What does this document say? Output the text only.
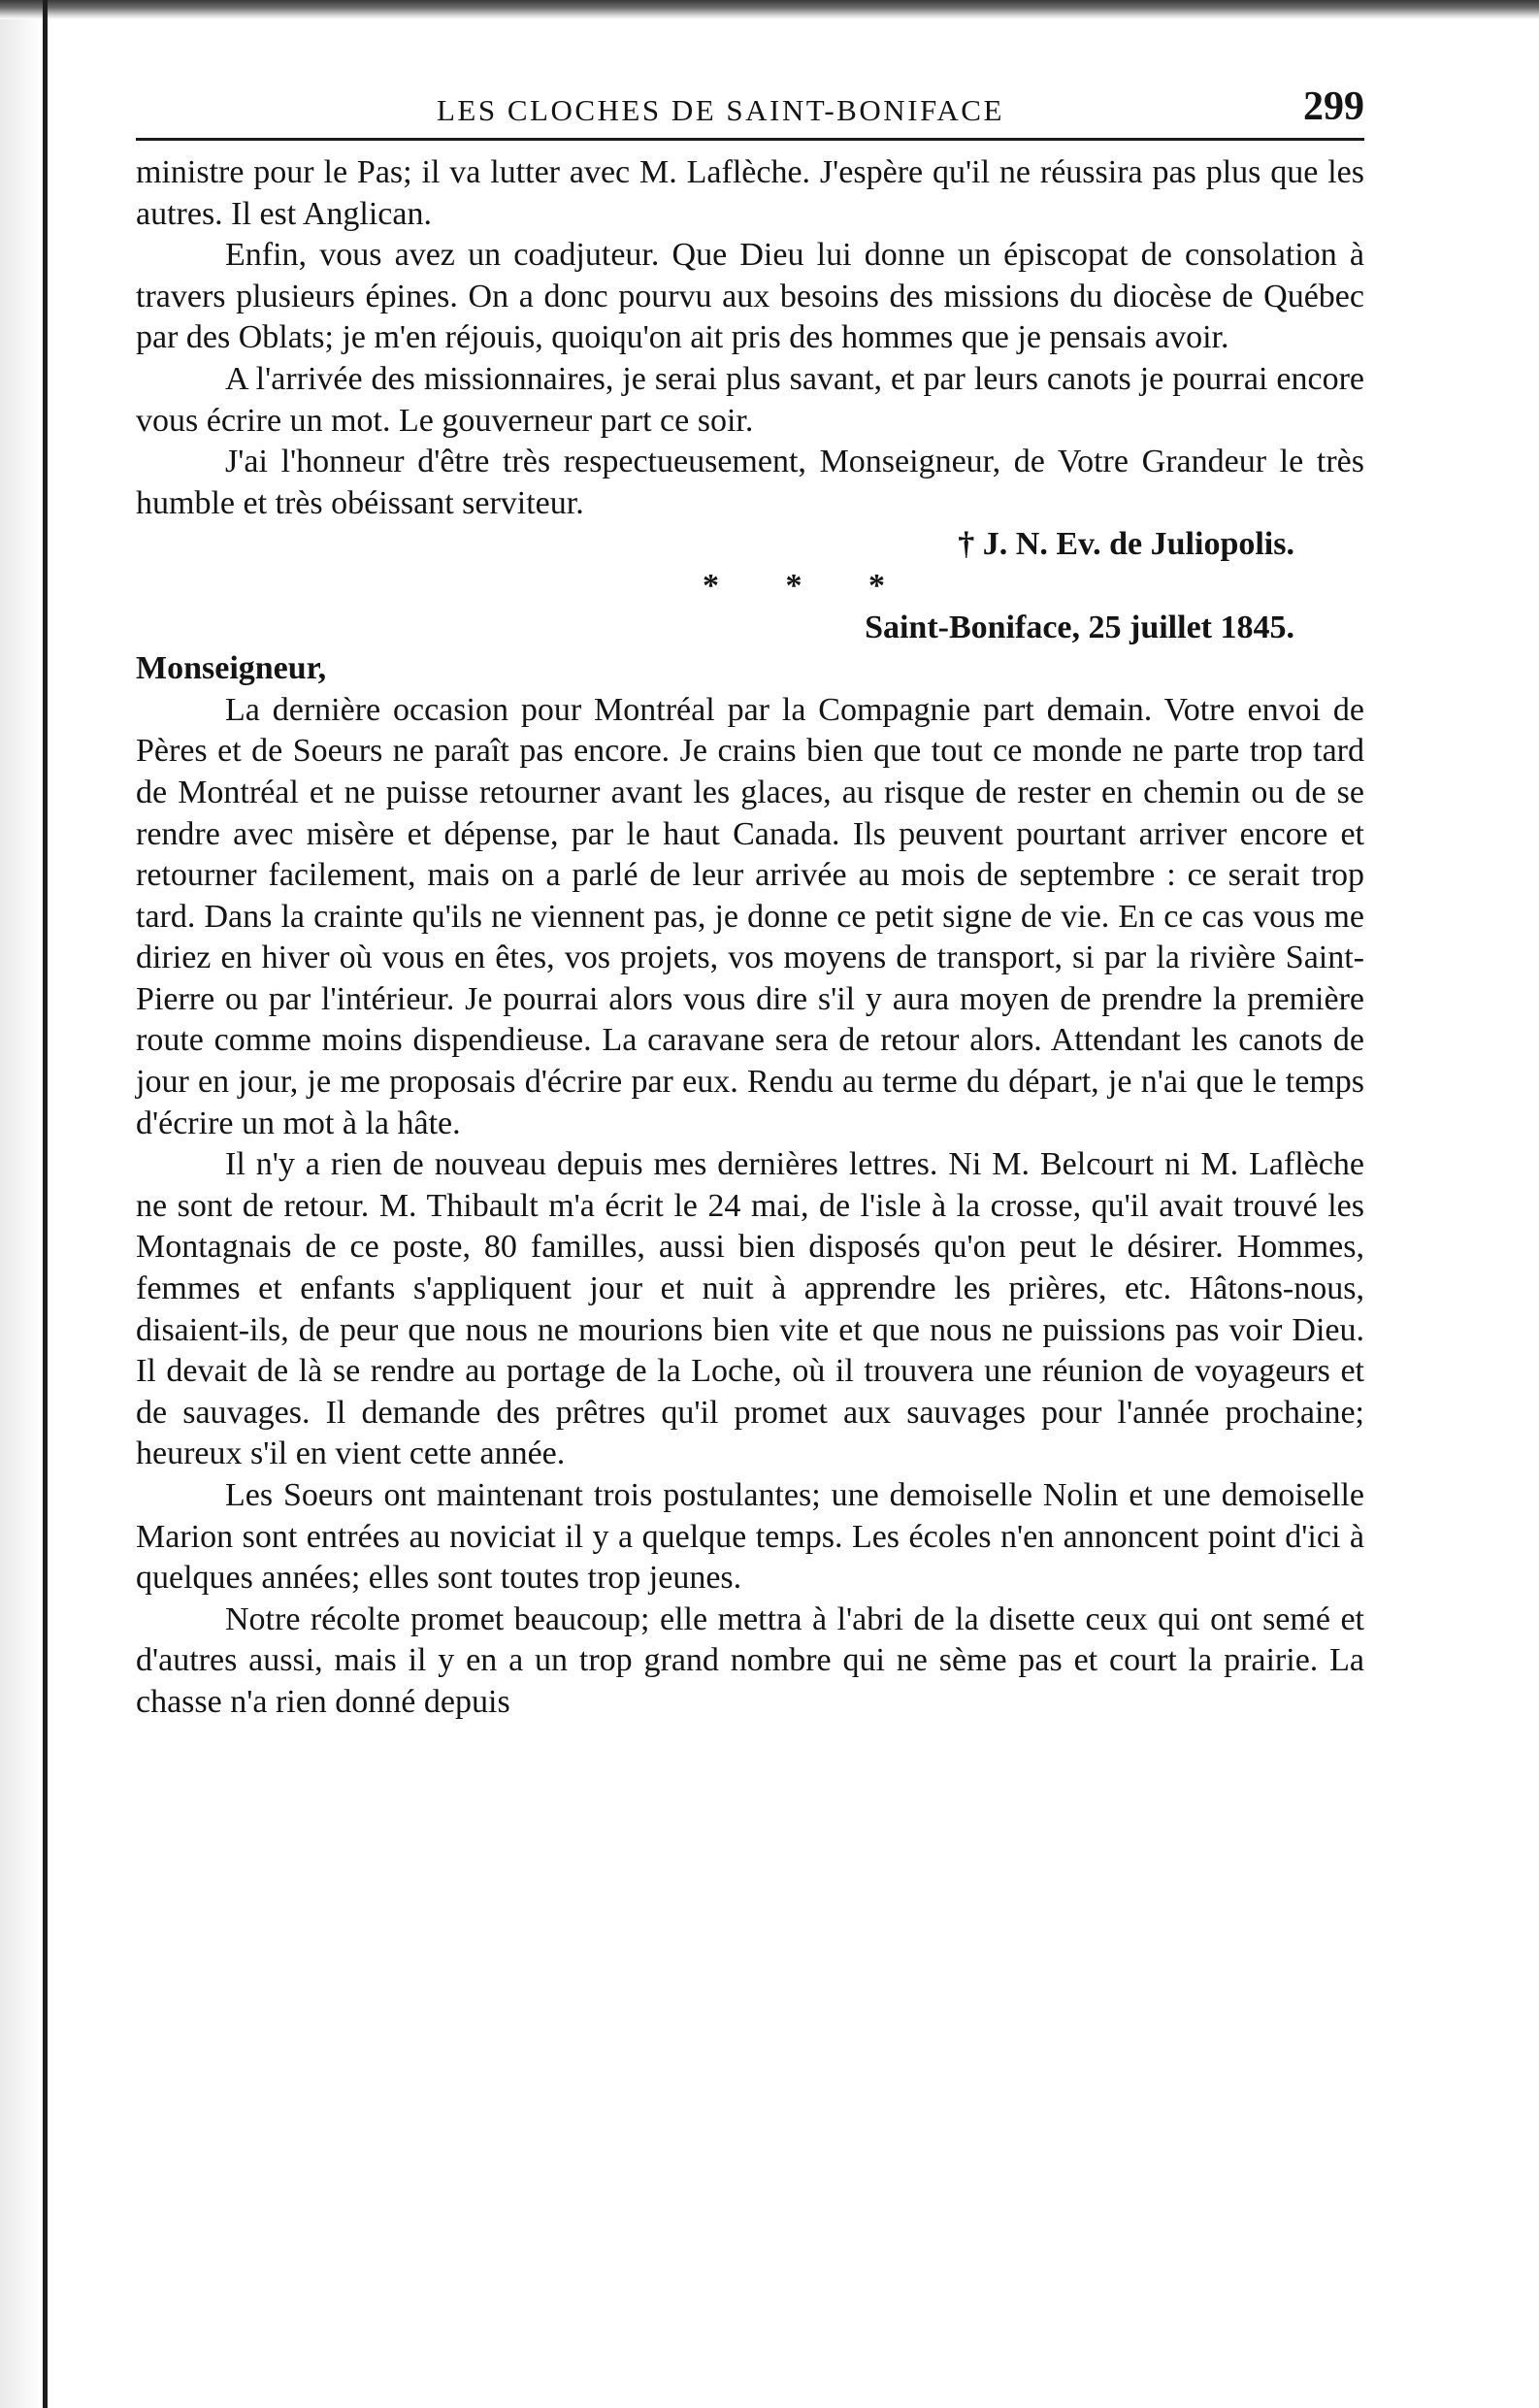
LES CLOCHES DE SAINT-BONIFACE	299

ministre pour le Pas; il va lutter avec M. Laflèche. J'espère qu'il ne réussira pas plus que les autres. Il est Anglican.

Enfin, vous avez un coadjuteur. Que Dieu lui donne un épiscopat de consolation à travers plusieurs épines. On a donc pourvu aux besoins des missions du diocèse de Québec par des Oblats; je m'en réjouis, quoiqu'on ait pris des hommes que je pensais avoir.

A l'arrivée des missionnaires, je serai plus savant, et par leurs canots je pourrai encore vous écrire un mot. Le gouverneur part ce soir.

J'ai l'honneur d'être très respectueusement, Monseigneur, de Votre Grandeur le très humble et très obéissant serviteur.

† J. N. Ev. de Juliopolis.

* * *

Saint-Boniface, 25 juillet 1845.

Monseigneur,

La dernière occasion pour Montréal par la Compagnie part demain. Votre envoi de Pères et de Soeurs ne paraît pas encore. Je crains bien que tout ce monde ne parte trop tard de Montréal et ne puisse retourner avant les glaces, au risque de rester en chemin ou de se rendre avec misère et dépense, par le haut Canada. Ils peuvent pourtant arriver encore et retourner facilement, mais on a parlé de leur arrivée au mois de septembre : ce serait trop tard. Dans la crainte qu'ils ne viennent pas, je donne ce petit signe de vie. En ce cas vous me diriez en hiver où vous en êtes, vos projets, vos moyens de transport, si par la rivière Saint-Pierre ou par l'intérieur. Je pourrai alors vous dire s'il y aura moyen de prendre la première route comme moins dispendieuse. La caravane sera de retour alors. Attendant les canots de jour en jour, je me proposais d'écrire par eux. Rendu au terme du départ, je n'ai que le temps d'écrire un mot à la hâte.

Il n'y a rien de nouveau depuis mes dernières lettres. Ni M. Belcourt ni M. Laflèche ne sont de retour. M. Thibault m'a écrit le 24 mai, de l'isle à la crosse, qu'il avait trouvé les Montagnais de ce poste, 80 familles, aussi bien disposés qu'on peut le désirer. Hommes, femmes et enfants s'appliquent jour et nuit à apprendre les prières, etc. Hâtons-nous, disaient-ils, de peur que nous ne mourions bien vite et que nous ne puissions pas voir Dieu. Il devait de là se rendre au portage de la Loche, où il trouvera une réunion de voyageurs et de sauvages. Il demande des prêtres qu'il promet aux sauvages pour l'année prochaine; heureux s'il en vient cette année.

Les Soeurs ont maintenant trois postulantes; une demoiselle Nolin et une demoiselle Marion sont entrées au noviciat il y a quelque temps. Les écoles n'en annoncent point d'ici à quelques années; elles sont toutes trop jeunes.

Notre récolte promet beaucoup; elle mettra à l'abri de la disette ceux qui ont semé et d'autres aussi, mais il y en a un trop grand nombre qui ne sème pas et court la prairie. La chasse n'a rien donné depuis
